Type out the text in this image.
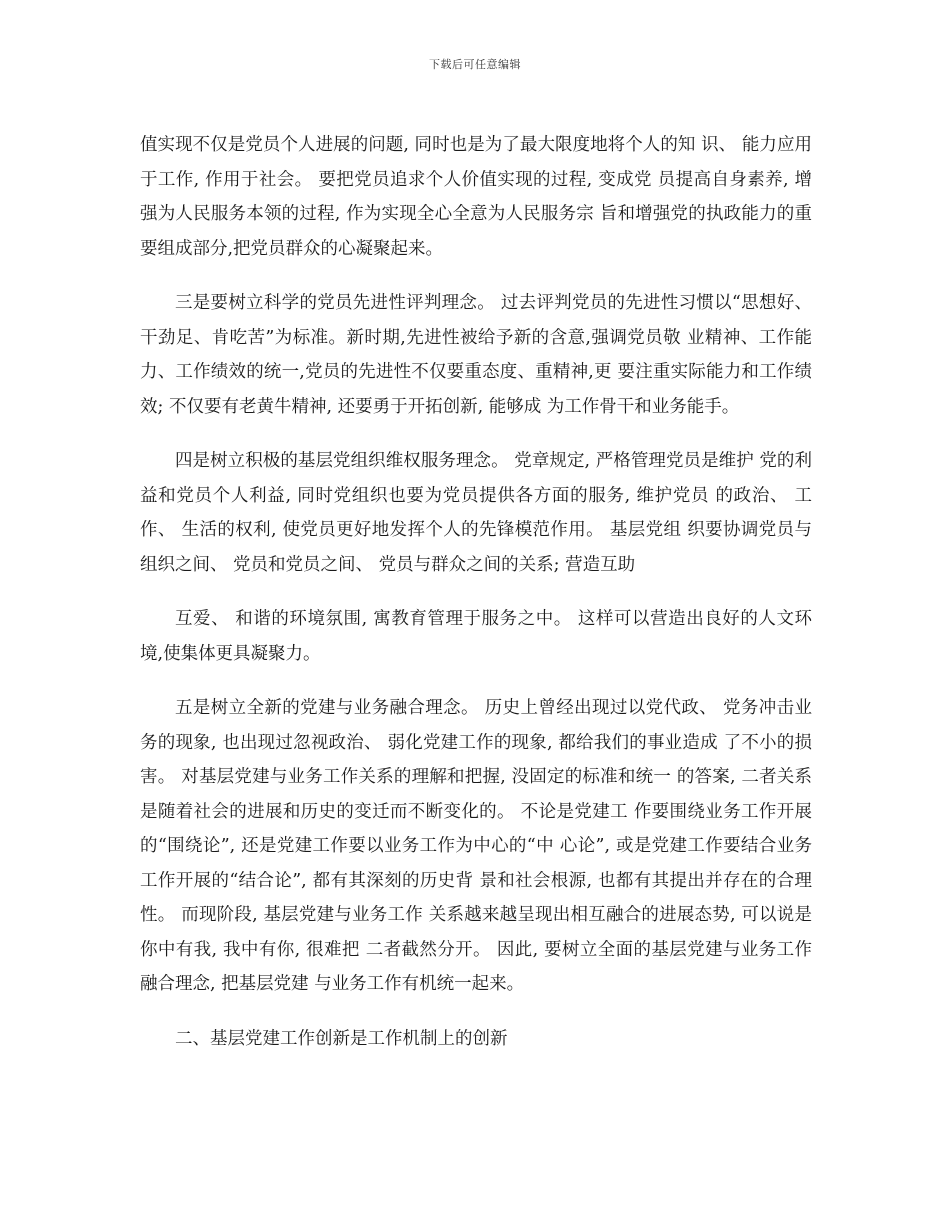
下载后可任意编辑

值实现不仅是党员个人进展的问题, 同时也是为了最大限度地将个人的知 识、 能力应用于工作, 作用于社会。 要把党员追求个人价值实现的过程, 变成党 员提高自身素养, 增强为人民服务本领的过程, 作为实现全心全意为人民服务宗 旨和增强党的执政能力的重要组成部分,把党员群众的心凝聚起来。

三是要树立科学的党员先进性评判理念。 过去评判党员的先进性习惯以“思想好、干劲足、肯吃苦”为标准。新时期,先进性被给予新的含意,强调党员敬 业精神、工作能力、工作绩效的统一,党员的先进性不仅要重态度、重精神,更 要注重实际能力和工作绩效; 不仅要有老黄牛精神, 还要勇于开拓创新, 能够成 为工作骨干和业务能手。

四是树立积极的基层党组织维权服务理念。 党章规定, 严格管理党员是维护 党的利益和党员个人利益, 同时党组织也要为党员提供各方面的服务, 维护党员 的政治、 工作、 生活的权利, 使党员更好地发挥个人的先锋模范作用。 基层党组 织要协调党员与组织之间、 党员和党员之间、 党员与群众之间的关系; 营造互助

互爱、 和谐的环境氛围, 寓教育管理于服务之中。 这样可以营造出良好的人文环 境,使集体更具凝聚力。

五是树立全新的党建与业务融合理念。 历史上曾经出现过以党代政、 党务冲击业务的现象, 也出现过忽视政治、 弱化党建工作的现象, 都给我们的事业造成 了不小的损害。 对基层党建与业务工作关系的理解和把握, 没固定的标准和统一 的答案, 二者关系是随着社会的进展和历史的变迁而不断变化的。 不论是党建工 作要围绕业务工作开展的“围绕论”, 还是党建工作要以业务工作为中心的“中 心论”, 或是党建工作要结合业务工作开展的“结合论”, 都有其深刻的历史背 景和社会根源, 也都有其提出并存在的合理性。 而现阶段, 基层党建与业务工作 关系越来越呈现出相互融合的进展态势, 可以说是你中有我, 我中有你, 很难把 二者截然分开。 因此, 要树立全面的基层党建与业务工作融合理念, 把基层党建 与业务工作有机统一起来。

二、基层党建工作创新是工作机制上的创新
